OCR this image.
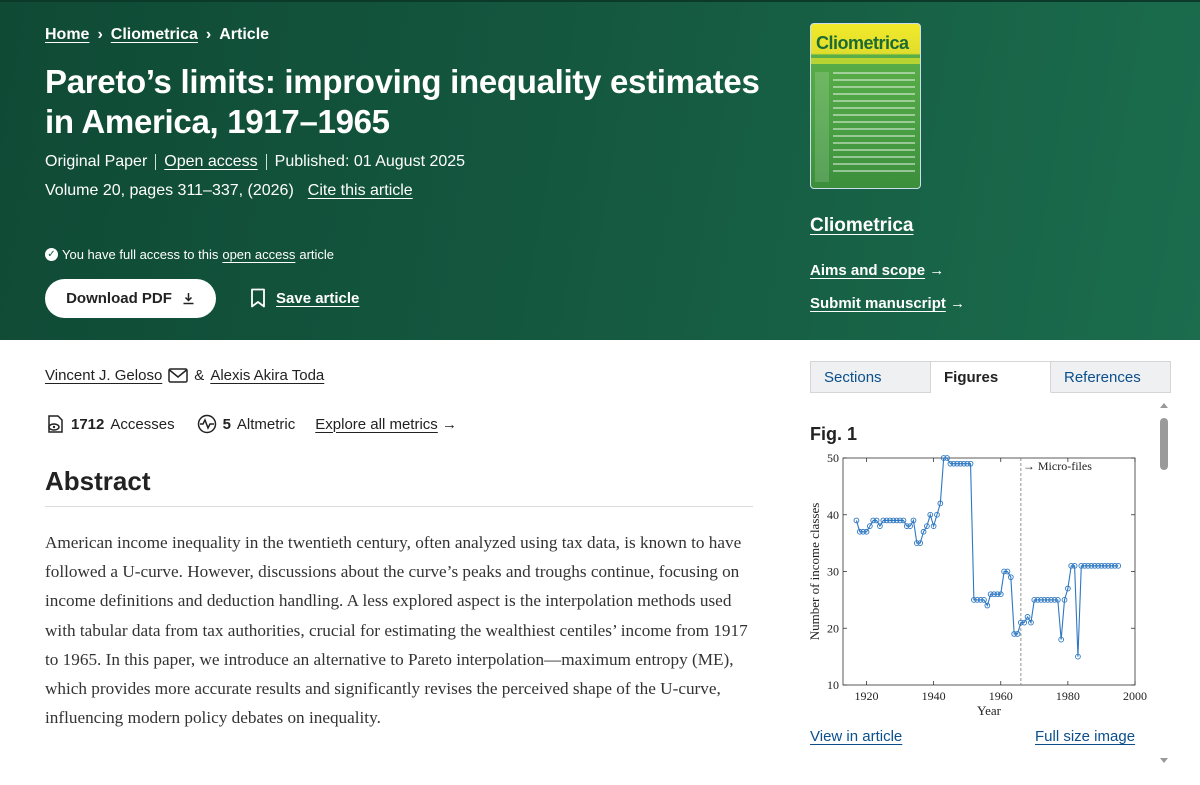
Home › Cliometrica › Article
Pareto’s limits: improving inequality estimates in America, 1917–1965
Original Paper Open access Published: 01 August 2025
Volume 20, pages 311–337, (2026) Cite this article
✓ You have full access to this open access article
Download PDF	Save article
Cliometrica
Cliometrica
Aims and scope →
Submit manuscript →
Vincent J. Geloso & Alexis Akira Toda
1712 Accesses	5 Altmetric Explore all metrics →
Abstract

American income inequality in the twentieth century, often analyzed using tax data, is known to have followed a U-curve. However, discussions about the curve’s peaks and troughs continue, focusing on income definitions and deduction handling. A less explored aspect is the interpolation methods used with tabular data from tax authorities, crucial for estimating the wealthiest centiles’ income from 1917 to 1965. In this paper, we introduce an alternative to Pareto interpolation—maximum entropy (ME), which provides more accurate results and significantly revises the perceived shape of the U-curve, influencing modern policy debates on inequality.

Sections	Figures	References
Fig. 1
1920	1940	1960	1980	2000
10
20
30
40
50
Year
Number of income classes
→ Micro-files
View in article	Full size image
